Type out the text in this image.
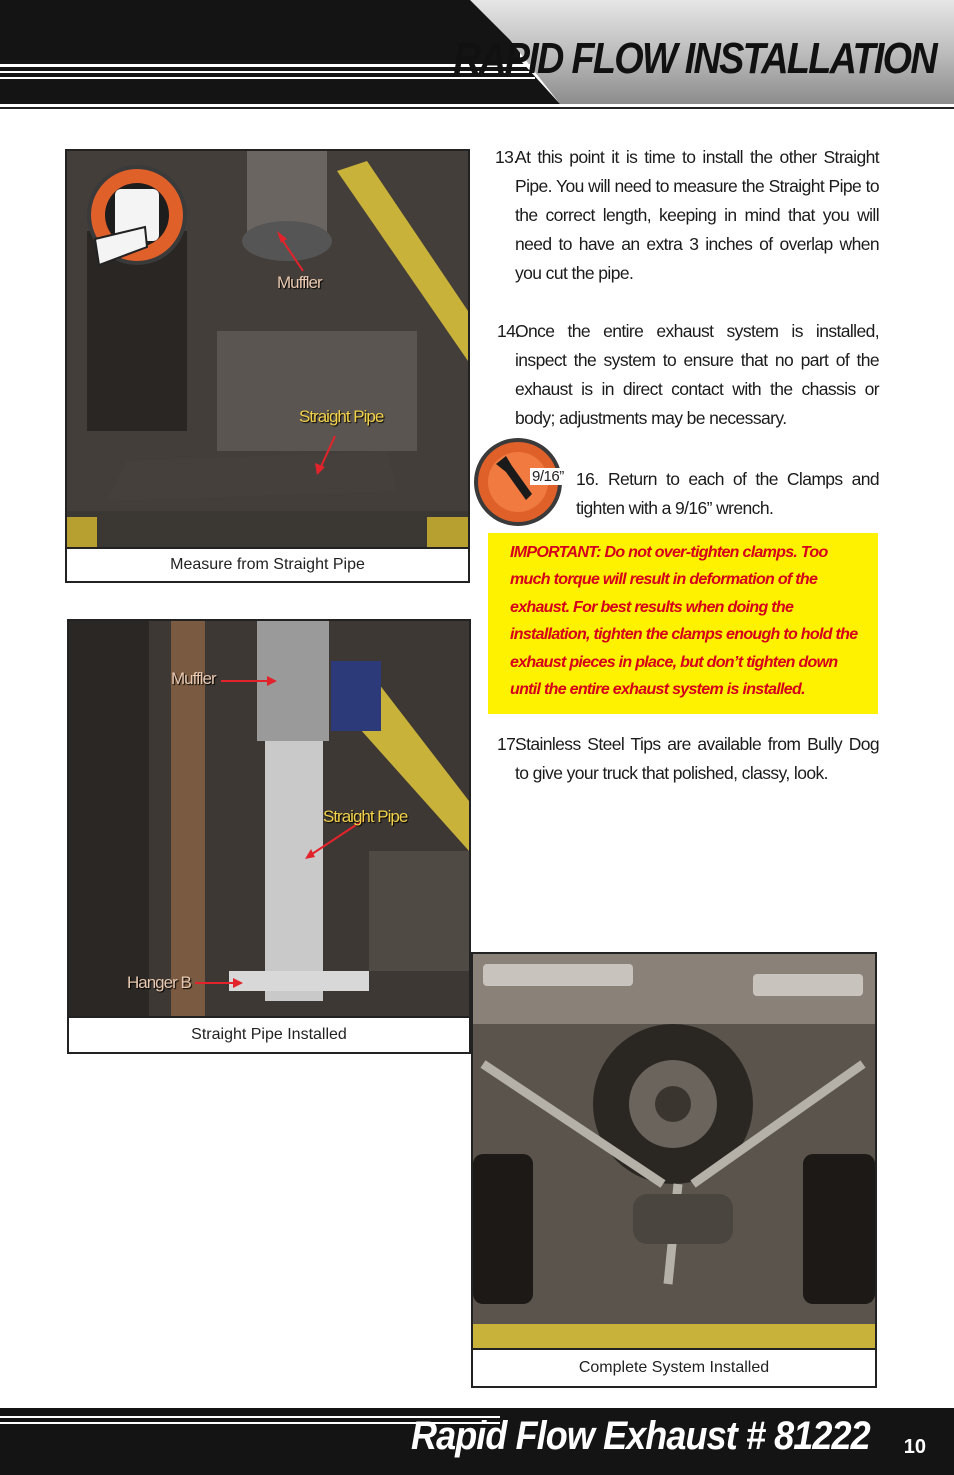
RAPID FLOW INSTALLATION
Muffler
Straight Pipe
Measure from Straight Pipe
Muffler
Straight Pipe
Hanger B
Straight Pipe Installed
Complete System Installed
13.
At this point it is time to install the other Straight Pipe. You will need to measure the Straight Pipe to the correct length, keeping in mind that you will need to have an extra 3 inches of overlap when you cut the pipe.
14.
Once the entire exhaust system is installed, inspect the system to ensure that no part of the exhaust is in direct contact with the chassis or body; adjustments may be necessary.
9/16” 16. Return to each of the Clamps and tighten with a 9/16” wrench.
IMPORTANT: Do not over-tighten clamps. Too much torque will result in deformation of the exhaust. For best results when doing the installation, tighten the clamps enough to hold the exhaust pieces in place, but don’t tighten down until the entire exhaust system is installed.
17.
Stainless Steel Tips are available from Bully Dog to give your truck that polished, classy, look.
Rapid Flow Exhaust # 81222 10
